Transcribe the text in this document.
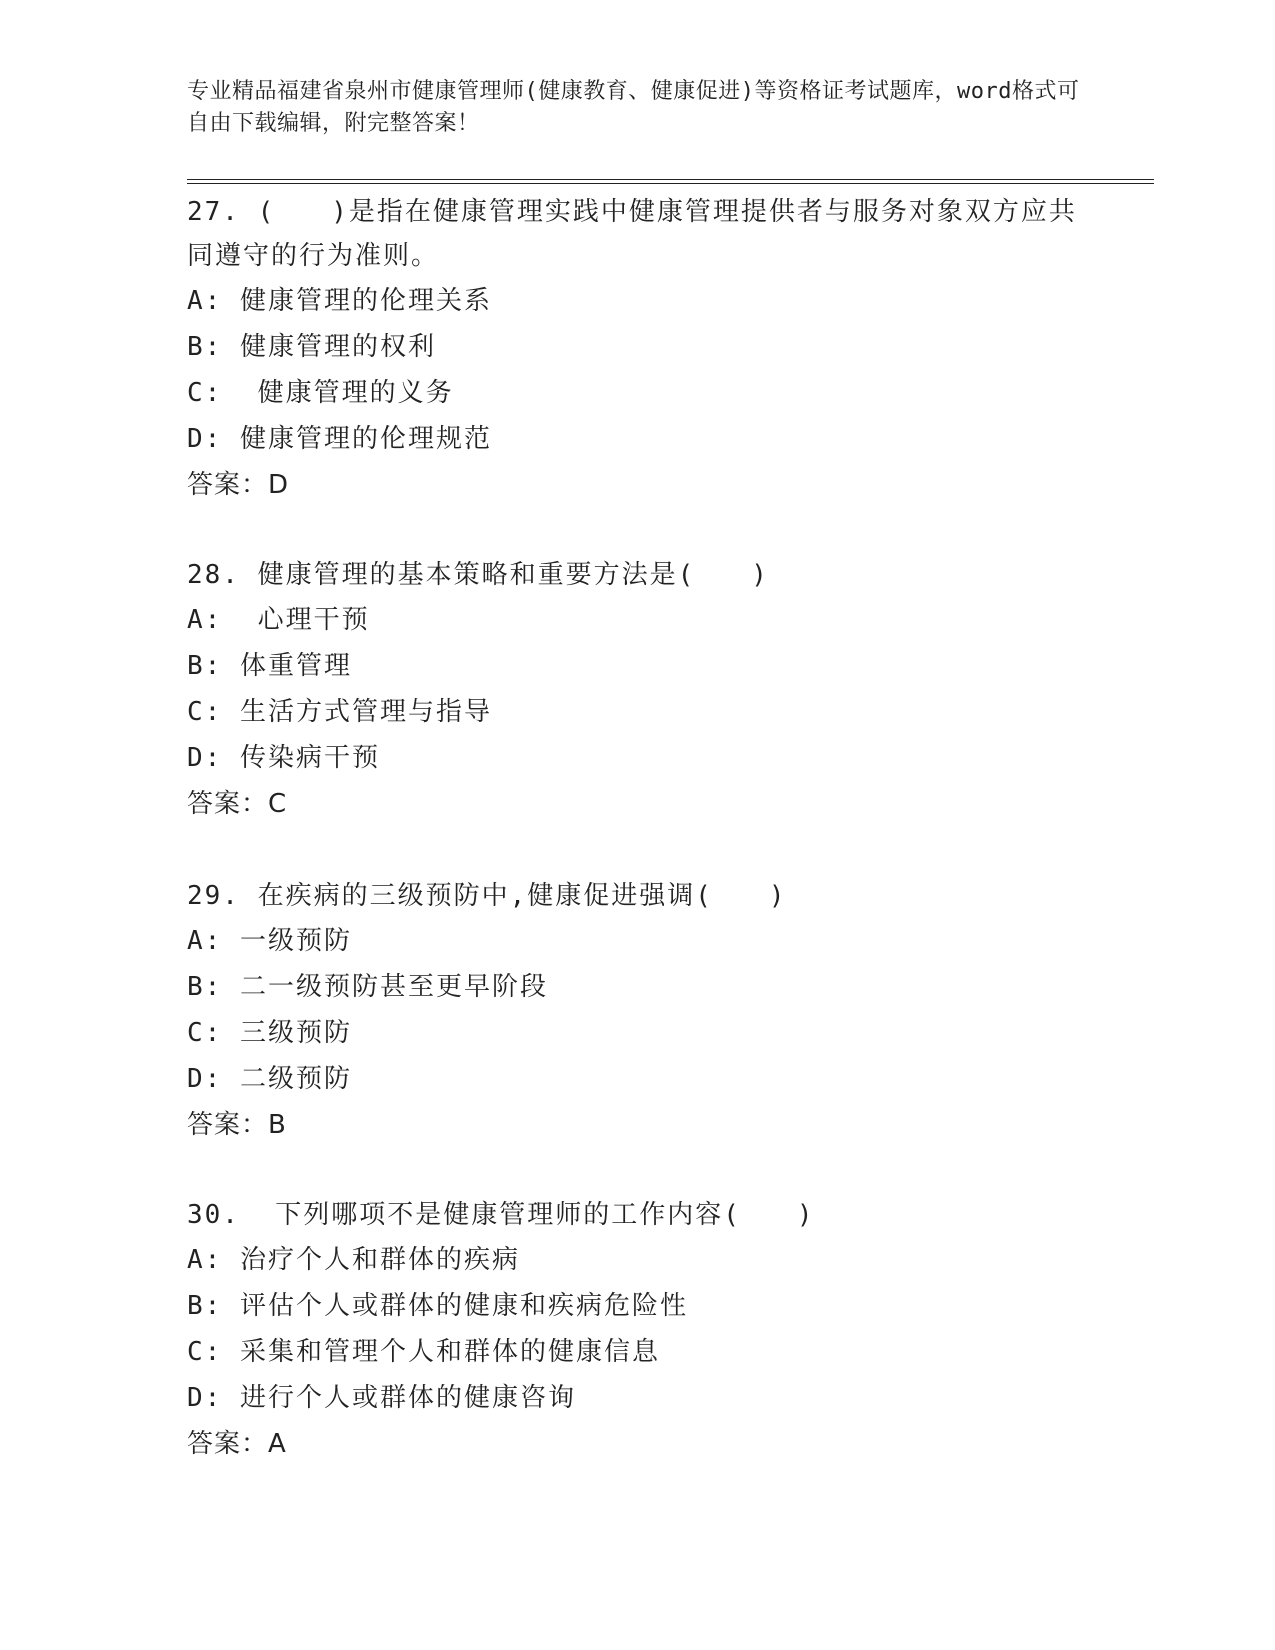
专业精品福建省泉州市健康管理师(健康教育、健康促进)等资格证考试题库，word格式可自由下载编辑，附完整答案！
27. (　　)是指在健康管理实践中健康管理提供者与服务对象双方应共同遵守的行为准则。
A: 健康管理的伦理关系
B: 健康管理的权利
C:  健康管理的义务
D: 健康管理的伦理规范
答案：D
28. 健康管理的基本策略和重要方法是(　　)
A:  心理干预
B: 体重管理
C: 生活方式管理与指导
D: 传染病干预
答案：C
29. 在疾病的三级预防中,健康促进强调(　　)
A: 一级预防
B: 二一级预防甚至更早阶段
C: 三级预防
D: 二级预防
答案：B
30.  下列哪项不是健康管理师的工作内容(　　)
A: 治疗个人和群体的疾病
B: 评估个人或群体的健康和疾病危险性
C: 采集和管理个人和群体的健康信息
D: 进行个人或群体的健康咨询
答案：A
